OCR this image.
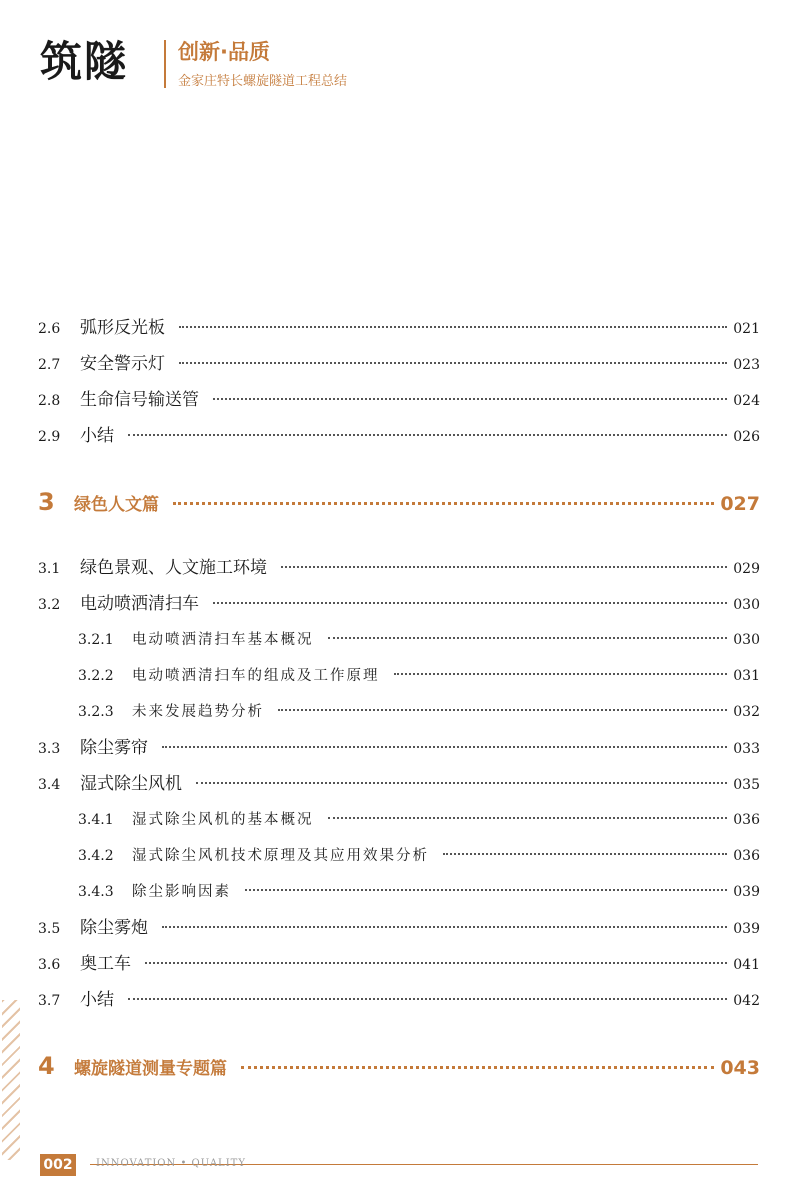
筑隧	创新·品质
金家庄特长螺旋隧道工程总结
2.6	弧形反光板	021
2.7	安全警示灯	023
2.8	生命信号输送管	024
2.9	小结	026
3	绿色人文篇	027
3.1	绿色景观、人文施工环境	029
3.2	电动喷洒清扫车	030
3.2.1	电动喷洒清扫车基本概况	030
3.2.2	电动喷洒清扫车的组成及工作原理	031
3.2.3	未来发展趋势分析	032
3.3	除尘雾帘	033
3.4	湿式除尘风机	035
3.4.1	湿式除尘风机的基本概况	036
3.4.2	湿式除尘风机技术原理及其应用效果分析	036
3.4.3	除尘影响因素	039
3.5	除尘雾炮	039
3.6	奥工车	041
3.7	小结	042
4	螺旋隧道测量专题篇	043
002	INNOVATION • QUALITY
